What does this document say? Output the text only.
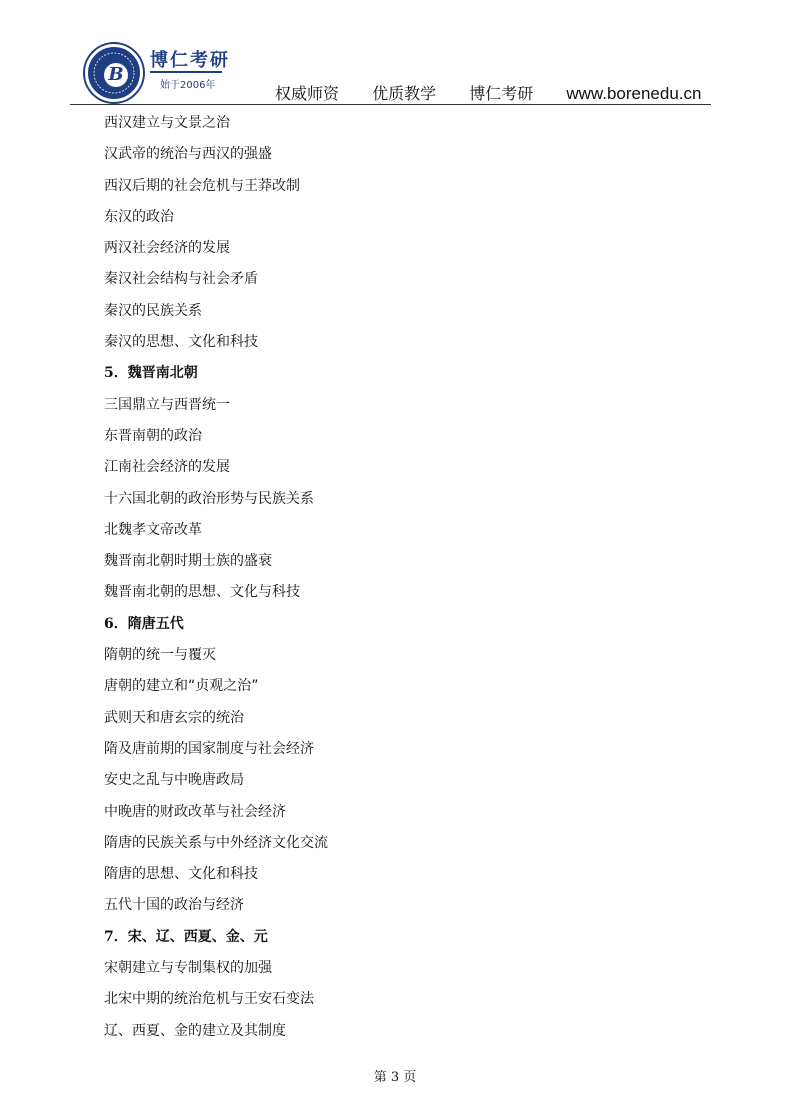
B
博仁考研
始于2006年	权威师资 优质教学 博仁考研 www.borenedu.cn
西汉建立与文景之治
汉武帝的统治与西汉的强盛
西汉后期的社会危机与王莽改制
东汉的政治
两汉社会经济的发展
秦汉社会结构与社会矛盾
秦汉的民族关系
秦汉的思想、文化和科技
5．魏晋南北朝
三国鼎立与西晋统一
东晋南朝的政治
江南社会经济的发展
十六国北朝的政治形势与民族关系
北魏孝文帝改革
魏晋南北朝时期士族的盛衰
魏晋南北朝的思想、文化与科技
6．隋唐五代
隋朝的统一与覆灭
唐朝的建立和“贞观之治”
武则天和唐玄宗的统治
隋及唐前期的国家制度与社会经济
安史之乱与中晚唐政局
中晚唐的财政改革与社会经济
隋唐的民族关系与中外经济文化交流
隋唐的思想、文化和科技
五代十国的政治与经济
7．宋、辽、西夏、金、元
宋朝建立与专制集权的加强
北宋中期的统治危机与王安石变法
辽、西夏、金的建立及其制度
第 3 页
